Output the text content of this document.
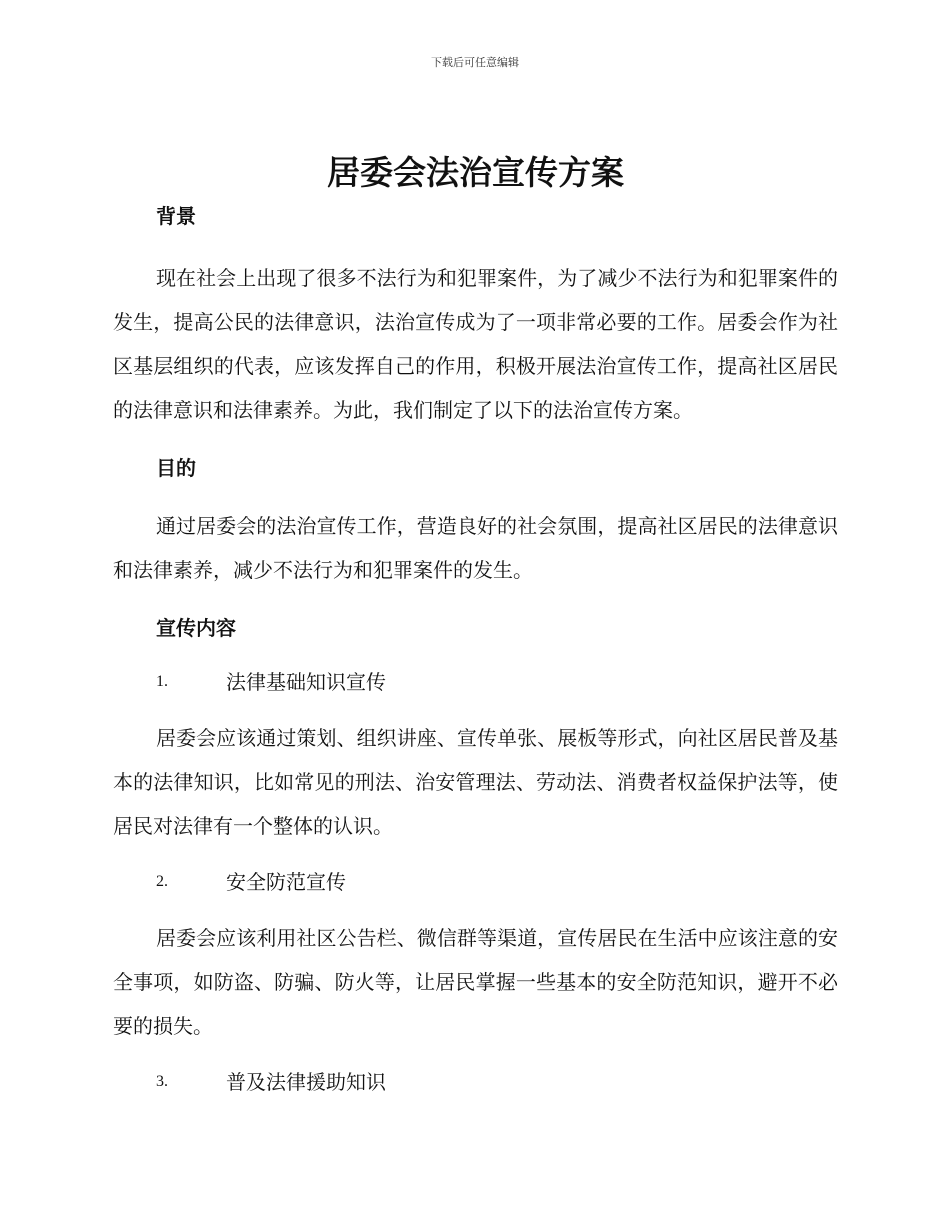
下载后可任意编辑
居委会法治宣传方案
背景

现在社会上出现了很多不法行为和犯罪案件，为了减少不法行为和犯罪案件的发生，提高公民的法律意识，法治宣传成为了一项非常必要的工作。居委会作为社区基层组织的代表，应该发挥自己的作用，积极开展法治宣传工作，提高社区居民的法律意识和法律素养。为此，我们制定了以下的法治宣传方案。

目的

通过居委会的法治宣传工作，营造良好的社会氛围，提高社区居民的法律意识和法律素养，减少不法行为和犯罪案件的发生。

宣传内容
1.	法律基础知识宣传

居委会应该通过策划、组织讲座、宣传单张、展板等形式，向社区居民普及基本的法律知识，比如常见的刑法、治安管理法、劳动法、消费者权益保护法等，使居民对法律有一个整体的认识。

2.	安全防范宣传

居委会应该利用社区公告栏、微信群等渠道，宣传居民在生活中应该注意的安全事项，如防盗、防骗、防火等，让居民掌握一些基本的安全防范知识，避开不必要的损失。

3.	普及法律援助知识
